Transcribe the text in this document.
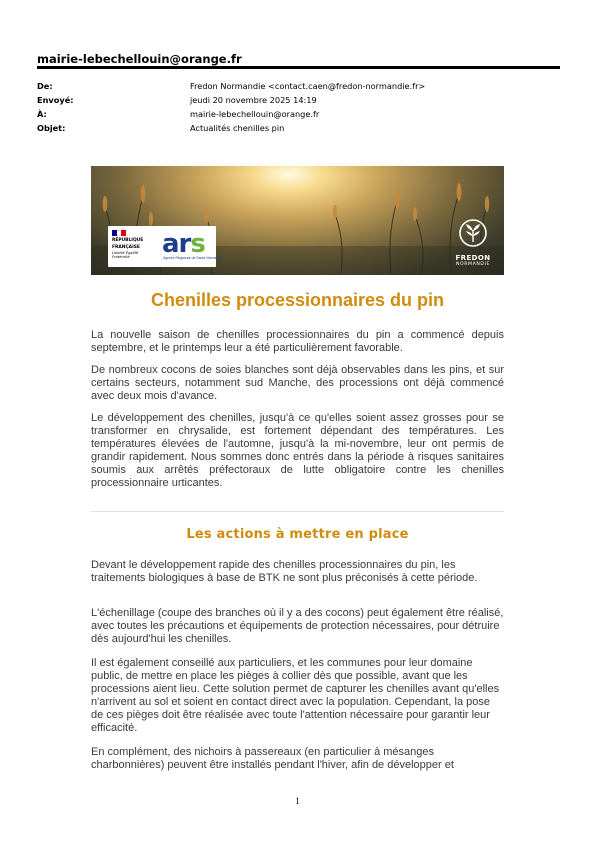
mairie-lebechellouin@orange.fr
De:	Fredon Normandie <contact.caen@fredon-normandie.fr>
Envoyé:	jeudi 20 novembre 2025 14:19
À:	mairie-lebechellouin@orange.fr
Objet:	Actualités chenilles pin
RÉPUBLIQUE
FRANÇAISE
Liberté Égalité Fraternité	ars
Agence Régionale de Santé Normandie	FREDON
NORMANDIE
Chenilles processionnaires du pin

La nouvelle saison de chenilles processionnaires du pin a commencé depuis septembre, et le printemps leur a été particulièrement favorable.

De nombreux cocons de soies blanches sont déjà observables dans les pins, et sur certains secteurs, notamment sud Manche, des processions ont déjà commencé avec deux mois d'avance.

Le développement des chenilles, jusqu'à ce qu'elles soient assez grosses pour se transformer en chrysalide, est fortement dépendant des températures. Les températures élevées de l'automne, jusqu'à la mi-novembre, leur ont permis de grandir rapidement. Nous sommes donc entrés dans la période à risques sanitaires soumis aux arrêtés préfectoraux de lutte obligatoire contre les chenilles processionnaire urticantes.

Les actions à mettre en place

Devant le développement rapide des chenilles processionnaires du pin, les traitements biologiques à base de BTK ne sont plus préconisés à cette période.

L'échenillage (coupe des branches où il y a des cocons) peut également être réalisé, avec toutes les précautions et équipements de protection nécessaires, pour détruire dès aujourd'hui les chenilles.

Il est également conseillé aux particuliers, et les communes pour leur domaine public, de mettre en place les pièges à collier dès que possible, avant que les processions aient lieu. Cette solution permet de capturer les chenilles avant qu'elles n'arrivent au sol et soient en contact direct avec la population. Cependant, la pose de ces pièges doit être réalisée avec toute l'attention nécessaire pour garantir leur efficacité.

En complément, des nichoirs à passereaux (en particulier à mésanges charbonnières) peuvent être installés pendant l'hiver, afin de développer et

1
